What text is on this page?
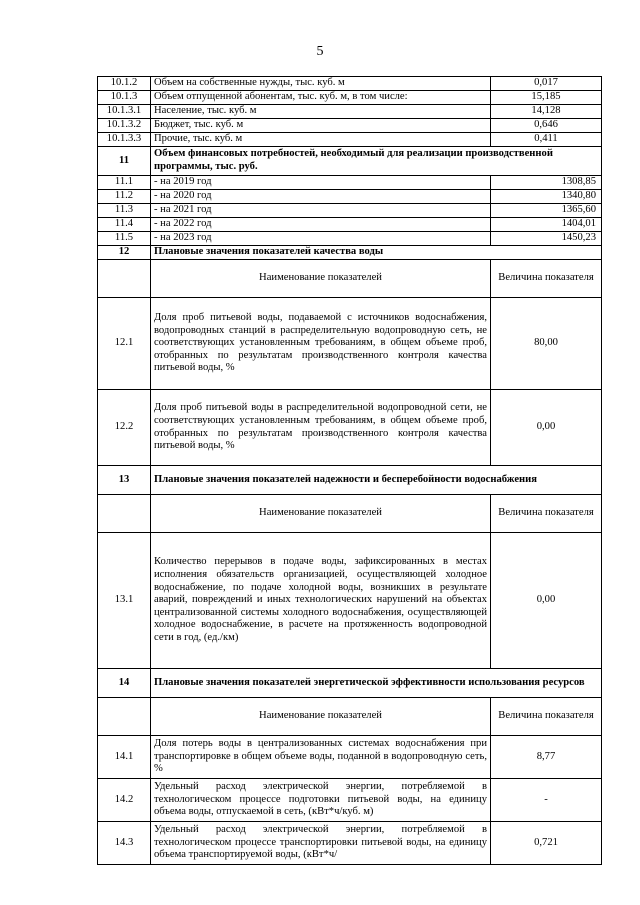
5
10.1.2	Объем на собственные нужды, тыс. куб. м	0,017
10.1.3	Объем отпущенной абонентам, тыс. куб. м, в том числе:	15,185
10.1.3.1	Население, тыс. куб. м	14,128
10.1.3.2	Бюджет, тыс. куб. м	0,646
10.1.3.3	Прочие, тыс. куб. м	0,411
11	Объем финансовых потребностей, необходимый для реализации производственной программы, тыс. руб.	
11.1	- на 2019 год	1308,85
11.2	- на 2020 год	1340,80
11.3	- на 2021 год	1365,60
11.4	- на 2022 год	1404,01
11.5	- на 2023 год	1450,23
12	Плановые значения показателей качества воды	
	Наименование показателей	Величина показателя
12.1	Доля проб питьевой воды, подаваемой с источников водоснабжения, водопроводных станций в распределительную водопроводную сеть, не соответствующих установленным требованиям, в общем объеме проб, отобранных по результатам производственного контроля качества питьевой воды, %	80,00
12.2	Доля проб питьевой воды в распределительной водопроводной сети, не соответствующих установленным требованиям, в общем объеме проб, отобранных по результатам производственного контроля качества питьевой воды, %	0,00
13	Плановые значения показателей надежности и бесперебойности водоснабжения	
	Наименование показателей	Величина показателя
13.1	Количество перерывов в подаче воды, зафиксированных в местах исполнения обязательств организацией, осуществляющей холодное водоснабжение, по подаче холодной воды, возникших в результате аварий, повреждений и иных технологических нарушений на объектах централизованной системы холодного водоснабжения, осуществляющей холодное водоснабжение, в расчете на протяженность водопроводной сети в год, (ед./км)	0,00
14	Плановые значения показателей энергетической эффективности использования ресурсов	
	Наименование показателей	Величина показателя
14.1	Доля потерь воды в централизованных системах водоснабжения при транспортировке в общем объеме воды, поданной в водопроводную сеть, %	8,77
14.2	Удельный расход электрической энергии, потребляемой в технологическом процессе подготовки питьевой воды, на единицу объема воды, отпускаемой в сеть, (кВт*ч/куб. м)	-
14.3	Удельный расход электрической энергии, потребляемой в технологическом процессе транспортировки питьевой воды, на единицу объема транспортируемой воды, (кВт*ч/	0,721
